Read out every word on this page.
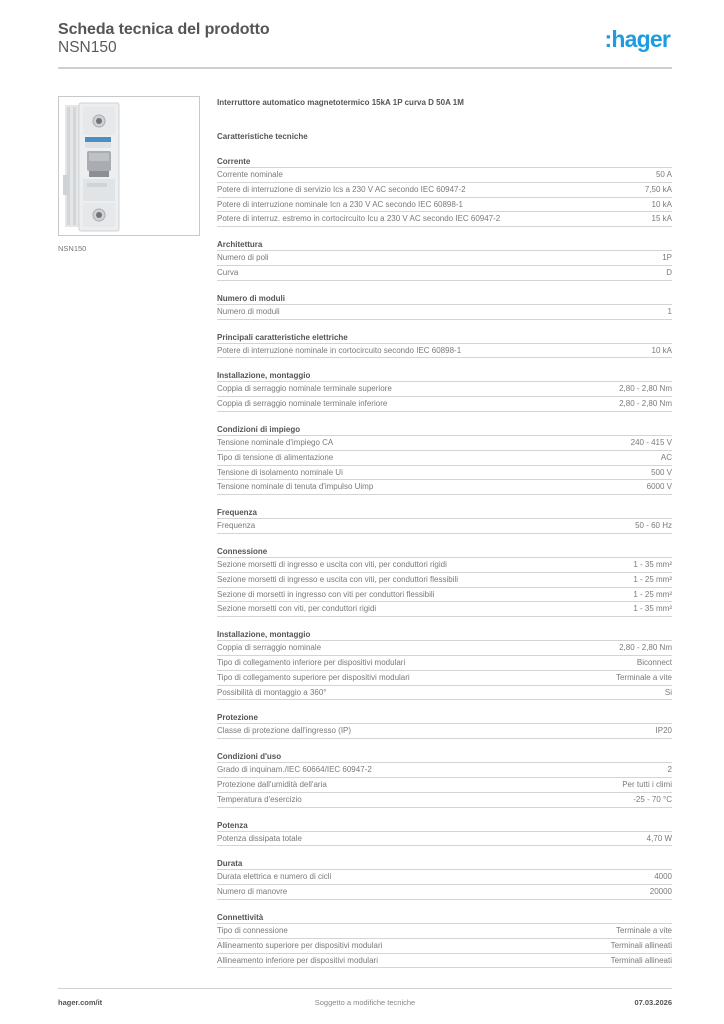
Scheda tecnica del prodotto
NSN150	:hager
NSN150
Interruttore automatico magnetotermico 15kA 1P curva D 50A 1M
Caratteristiche tecniche
Corrente
Corrente nominale	50 A
Potere di interruzione di servizio Ics a 230 V AC secondo IEC 60947-2	7,50 kA
Potere di interruzione nominale Icn a 230 V AC secondo IEC 60898-1	10 kA
Potere di interruz. estremo in cortocircuito Icu a 230 V AC secondo IEC 60947-2	15 kA
Architettura
Numero di poli	1P
Curva	D
Numero di moduli
Numero di moduli	1
Principali caratteristiche elettriche
Potere di interruzione nominale in cortocircuito secondo IEC 60898-1	10 kA
Installazione, montaggio
Coppia di serraggio nominale terminale superiore	2,80 - 2,80 Nm
Coppia di serraggio nominale terminale inferiore	2,80 - 2,80 Nm
Condizioni di impiego
Tensione nominale d'impiego CA	240 - 415 V
Tipo di tensione di alimentazione	AC
Tensione di isolamento nominale Ui	500 V
Tensione nominale di tenuta d'impulso Uimp	6000 V
Frequenza
Frequenza	50 - 60 Hz
Connessione
Sezione morsetti di ingresso e uscita con viti, per conduttori rigidi	1 - 35 mm²
Sezione morsetti di ingresso e uscita con viti, per conduttori flessibili	1 - 25 mm²
Sezione di morsetti in ingresso con viti per conduttori flessibili	1 - 25 mm²
Sezione morsetti con viti, per conduttori rigidi	1 - 35 mm²
Installazione, montaggio
Coppia di serraggio nominale	2,80 - 2,80 Nm
Tipo di collegamento inferiore per dispositivi modulari	Biconnect
Tipo di collegamento superiore per dispositivi modulari	Terminale a vite
Possibilità di montaggio a 360°	Si
Protezione
Classe di protezione dall'ingresso (IP)	IP20
Condizioni d'uso
Grado di inquinam./IEC 60664/IEC 60947-2	2
Protezione dall'umidità dell'aria	Per tutti i climi
Temperatura d'esercizio	-25 - 70 °C
Potenza
Potenza dissipata totale	4,70 W
Durata
Durata elettrica e numero di cicli	4000
Numero di manovre	20000
Connettività
Tipo di connessione	Terminale a vite
Allineamento superiore per dispositivi modulari	Terminali allineati
Allineamento inferiore per dispositivi modulari	Terminali allineati
hager.com/it	Soggetto a modifiche tecniche	07.03.2026
